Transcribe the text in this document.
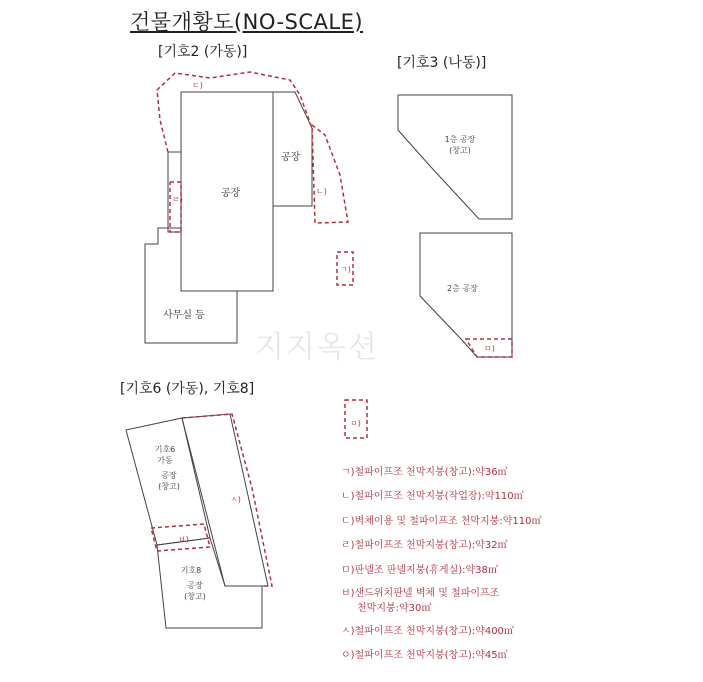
건물개황도(NO-SCALE)
[기호2 (가동)]
[기호3 (나동)]
[기호6 (가동), 기호8]
공장
공장
사무실 등
1층 공장
(창고)
2층 공장
기호6
가동
공장
(창고)
기호8
공장
(창고)
ㄱ)
ㄴ)
ㄷ)
ㄹ)
ㅁ)
ㅂ)
ㅅ)
ㅇ)
지지옥션
ㄱ)철파이프조 천막지붕(창고):약36㎡
ㄴ)철파이프조 천막지붕(작업장):약110㎡
ㄷ)벽체이용 및 철파이프조 천막지붕:약110㎡
ㄹ)철파이프조 천막지붕(창고):약32㎡
ㅁ)판넬조 판넬지붕(휴게실):약38㎡
ㅂ)샌드위치판넬 벽체 및 철파이프조
천막지붕:약30㎡
ㅅ)철파이프조 천막지붕(창고):약400㎡
ㅇ)철파이프조 천막지붕(창고):약45㎡
